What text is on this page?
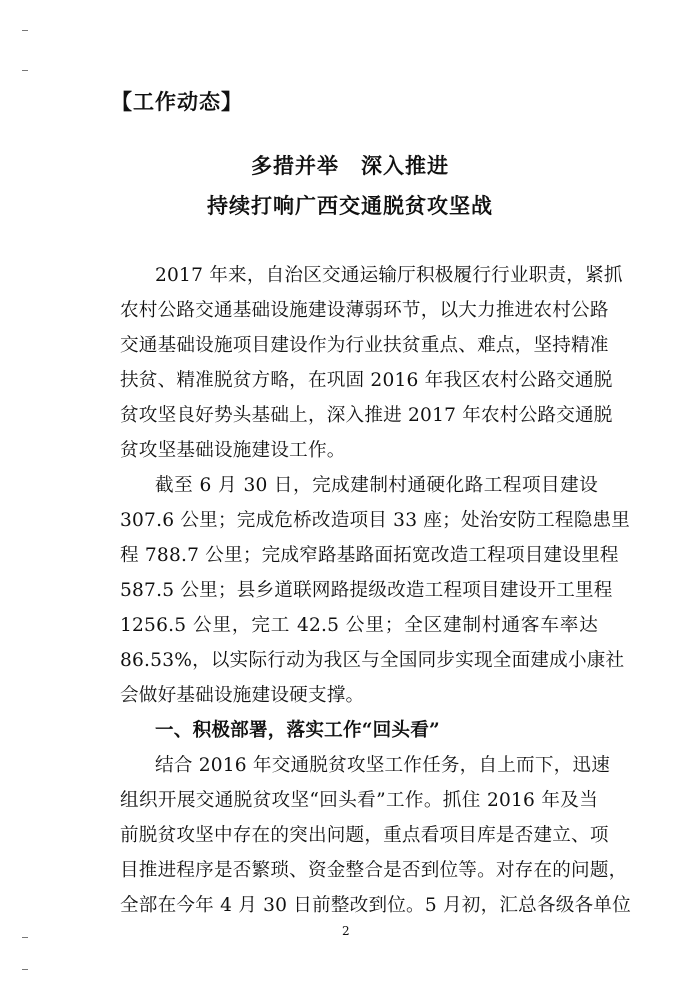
【工作动态】
多措并举　深入推进
持续打响广西交通脱贫攻坚战
2017 年来，自治区交通运输厅积极履行行业职责，紧抓
农村公路交通基础设施建设薄弱环节，以大力推进农村公路
交通基础设施项目建设作为行业扶贫重点、难点，坚持精准
扶贫、精准脱贫方略，在巩固 2016 年我区农村公路交通脱
贫攻坚良好势头基础上，深入推进 2017 年农村公路交通脱
贫攻坚基础设施建设工作。
截至 6 月 30 日，完成建制村通硬化路工程项目建设
307.6 公里；完成危桥改造项目 33 座；处治安防工程隐患里
程 788.7 公里；完成窄路基路面拓宽改造工程项目建设里程
587.5 公里；县乡道联网路提级改造工程项目建设开工里程
1256.5 公里，完工 42.5 公里；全区建制村通客车率达
86.53%，以实际行动为我区与全国同步实现全面建成小康社
会做好基础设施建设硬支撑。
一、积极部署，落实工作“回头看”
结合 2016 年交通脱贫攻坚工作任务，自上而下，迅速
组织开展交通脱贫攻坚“回头看”工作。抓住 2016 年及当
前脱贫攻坚中存在的突出问题，重点看项目库是否建立、项
目推进程序是否繁琐、资金整合是否到位等。对存在的问题，
全部在今年 4 月 30 日前整改到位。5 月初，汇总各级各单位
2
